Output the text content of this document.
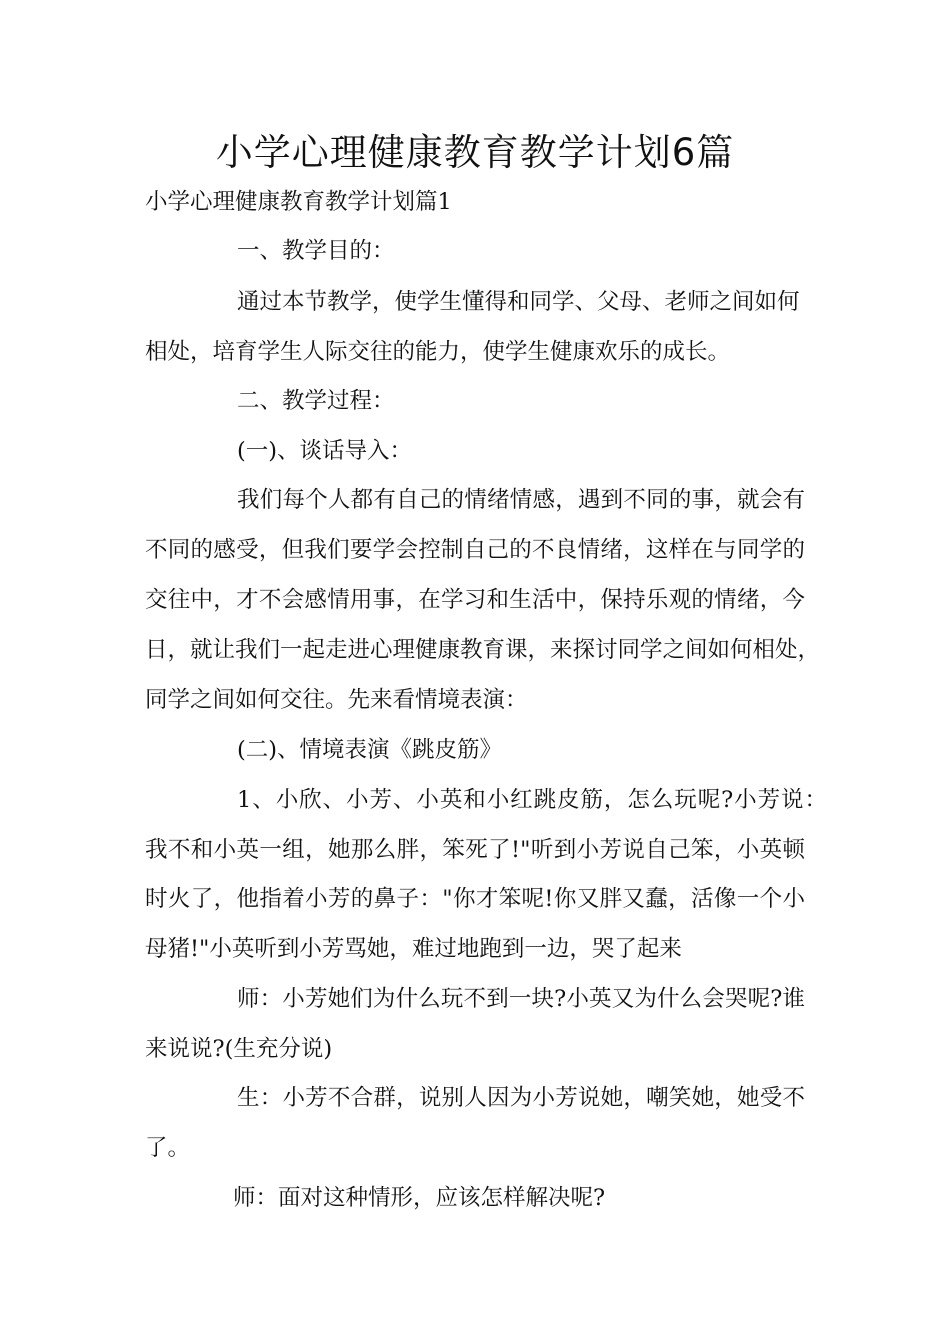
小学心理健康教育教学计划6篇
小学心理健康教育教学计划篇1
一、教学目的：
通过本节教学，使学生懂得和同学、父母、老师之间如何
相处，培育学生人际交往的能力，使学生健康欢乐的成长。
二、教学过程：
(一)、谈话导入：
我们每个人都有自己的情绪情感，遇到不同的事，就会有
不同的感受，但我们要学会控制自己的不良情绪，这样在与同学的
交往中，才不会感情用事，在学习和生活中，保持乐观的情绪，今
日，就让我们一起走进心理健康教育课，来探讨同学之间如何相处，
同学之间如何交往。先来看情境表演：
(二)、情境表演《跳皮筋》
1、小欣、小芳、小英和小红跳皮筋，怎么玩呢?小芳说：
我不和小英一组，她那么胖，笨死了!"听到小芳说自己笨，小英顿
时火了，他指着小芳的鼻子："你才笨呢!你又胖又蠢，活像一个小
母猪!"小英听到小芳骂她，难过地跑到一边，哭了起来
师：小芳她们为什么玩不到一块?小英又为什么会哭呢?谁
来说说?(生充分说)
生：小芳不合群，说别人因为小芳说她，嘲笑她，她受不
了。
师：面对这种情形，应该怎样解决呢?
